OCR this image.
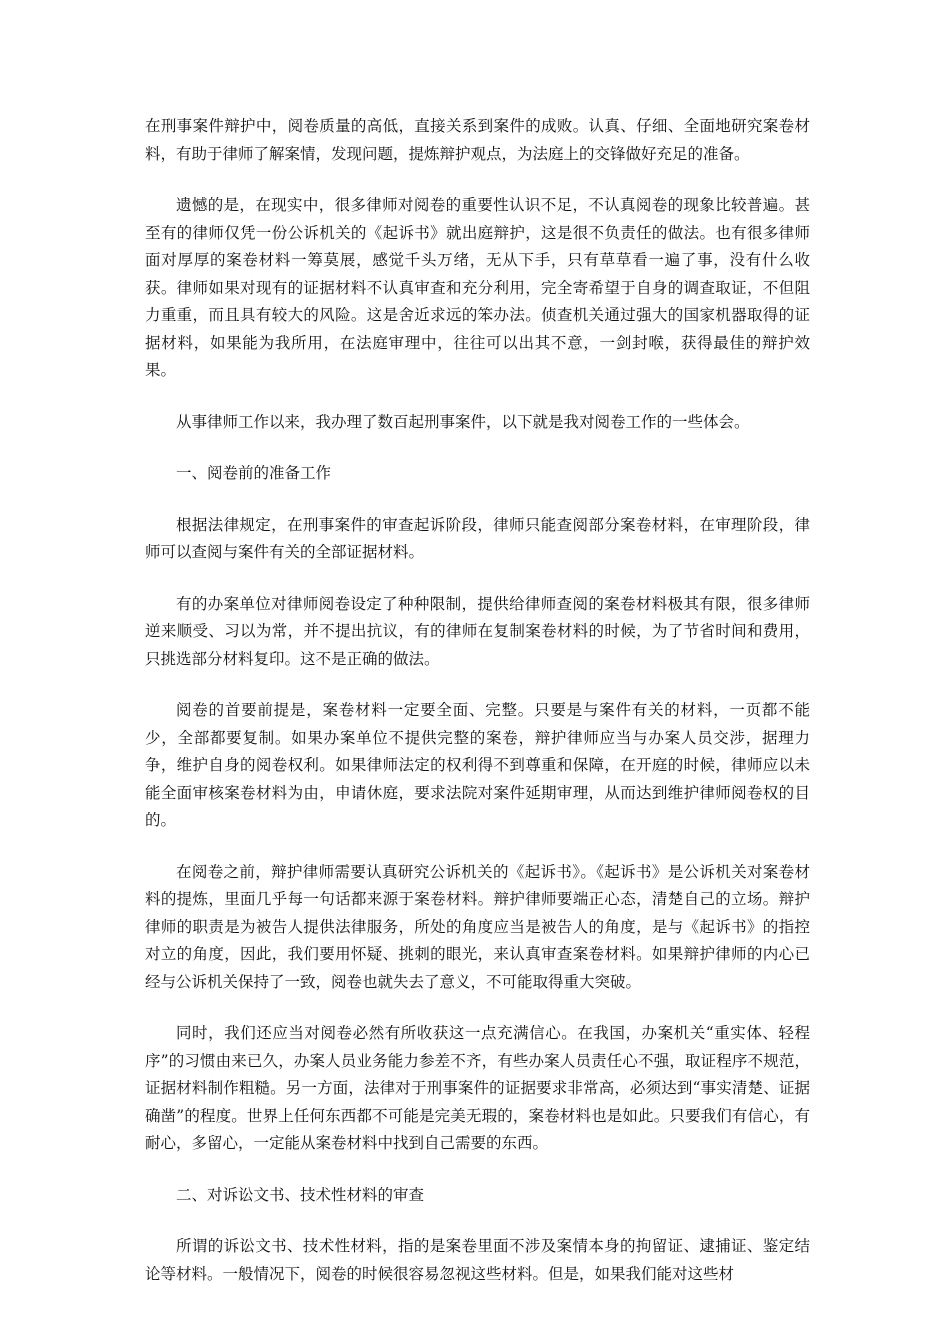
在刑事案件辩护中，阅卷质量的高低，直接关系到案件的成败。认真、仔细、全面地研究案卷材料，有助于律师了解案情，发现问题，提炼辩护观点，为法庭上的交锋做好充足的准备。

遗憾的是，在现实中，很多律师对阅卷的重要性认识不足，不认真阅卷的现象比较普遍。甚至有的律师仅凭一份公诉机关的《起诉书》就出庭辩护，这是很不负责任的做法。也有很多律师面对厚厚的案卷材料一筹莫展，感觉千头万绪，无从下手，只有草草看一遍了事，没有什么收获。律师如果对现有的证据材料不认真审查和充分利用，完全寄希望于自身的调查取证，不但阻力重重，而且具有较大的风险。这是舍近求远的笨办法。侦查机关通过强大的国家机器取得的证据材料，如果能为我所用，在法庭审理中，往往可以出其不意，一剑封喉，获得最佳的辩护效果。

从事律师工作以来，我办理了数百起刑事案件，以下就是我对阅卷工作的一些体会。

一、阅卷前的准备工作

根据法律规定，在刑事案件的审查起诉阶段，律师只能查阅部分案卷材料，在审理阶段，律师可以查阅与案件有关的全部证据材料。

有的办案单位对律师阅卷设定了种种限制，提供给律师查阅的案卷材料极其有限，很多律师逆来顺受、习以为常，并不提出抗议，有的律师在复制案卷材料的时候，为了节省时间和费用，只挑选部分材料复印。这不是正确的做法。

阅卷的首要前提是，案卷材料一定要全面、完整。只要是与案件有关的材料，一页都不能少，全部都要复制。如果办案单位不提供完整的案卷，辩护律师应当与办案人员交涉，据理力争，维护自身的阅卷权利。如果律师法定的权利得不到尊重和保障，在开庭的时候，律师应以未能全面审核案卷材料为由，申请休庭，要求法院对案件延期审理，从而达到维护律师阅卷权的目的。

在阅卷之前，辩护律师需要认真研究公诉机关的《起诉书》。《起诉书》是公诉机关对案卷材料的提炼，里面几乎每一句话都来源于案卷材料。辩护律师要端正心态，清楚自己的立场。辩护律师的职责是为被告人提供法律服务，所处的角度应当是被告人的角度，是与《起诉书》的指控对立的角度，因此，我们要用怀疑、挑刺的眼光，来认真审查案卷材料。如果辩护律师的内心已经与公诉机关保持了一致，阅卷也就失去了意义，不可能取得重大突破。

同时，我们还应当对阅卷必然有所收获这一点充满信心。在我国，办案机关“重实体、轻程序”的习惯由来已久，办案人员业务能力参差不齐，有些办案人员责任心不强，取证程序不规范，证据材料制作粗糙。另一方面，法律对于刑事案件的证据要求非常高，必须达到“事实清楚、证据确凿”的程度。世界上任何东西都不可能是完美无瑕的，案卷材料也是如此。只要我们有信心，有耐心，多留心，一定能从案卷材料中找到自己需要的东西。

二、对诉讼文书、技术性材料的审查

所谓的诉讼文书、技术性材料，指的是案卷里面不涉及案情本身的拘留证、逮捕证、鉴定结论等材料。一般情况下，阅卷的时候很容易忽视这些材料。但是，如果我们能对这些材
